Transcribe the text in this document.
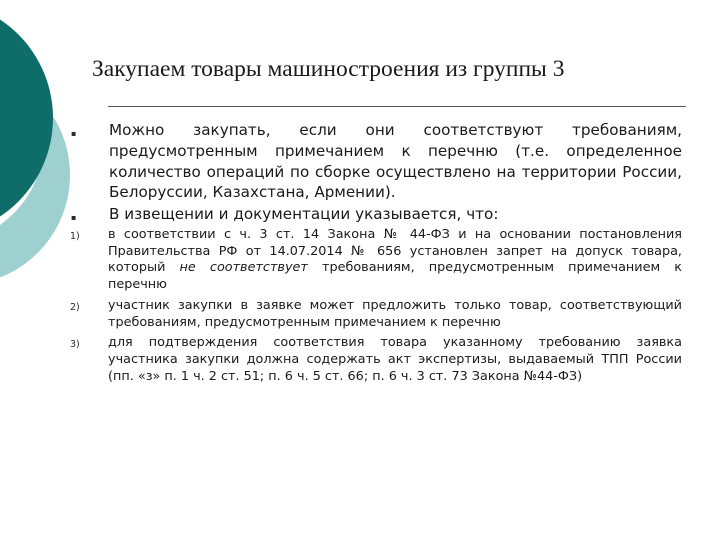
Закупаем товары машиностроения из группы 3
▪	Можно закупать, если они соответствуют требованиям, предусмотренным примечанием к перечню (т.е. определенное количество операций по сборке осуществлено на территории России, Белоруссии, Казахстана, Армении).
▪	В извещении и документации указывается, что:
1)	в соответствии с ч. 3 ст. 14 Закона № 44-ФЗ и на основании постановления Правительства РФ от 14.07.2014 № 656 установлен запрет на допуск товара, который не соответствует требованиям, предусмотренным примечанием к перечню
2)	участник закупки в заявке может предложить только товар, соответствующий требованиям, предусмотренным примечанием к перечню
3)	для подтверждения соответствия товара указанному требованию заявка участника закупки должна содержать акт экспертизы, выдаваемый ТПП России (пп. «з» п. 1 ч. 2 ст. 51; п. 6 ч. 5 ст. 66; п. 6 ч. 3 ст. 73 Закона №44-ФЗ)
